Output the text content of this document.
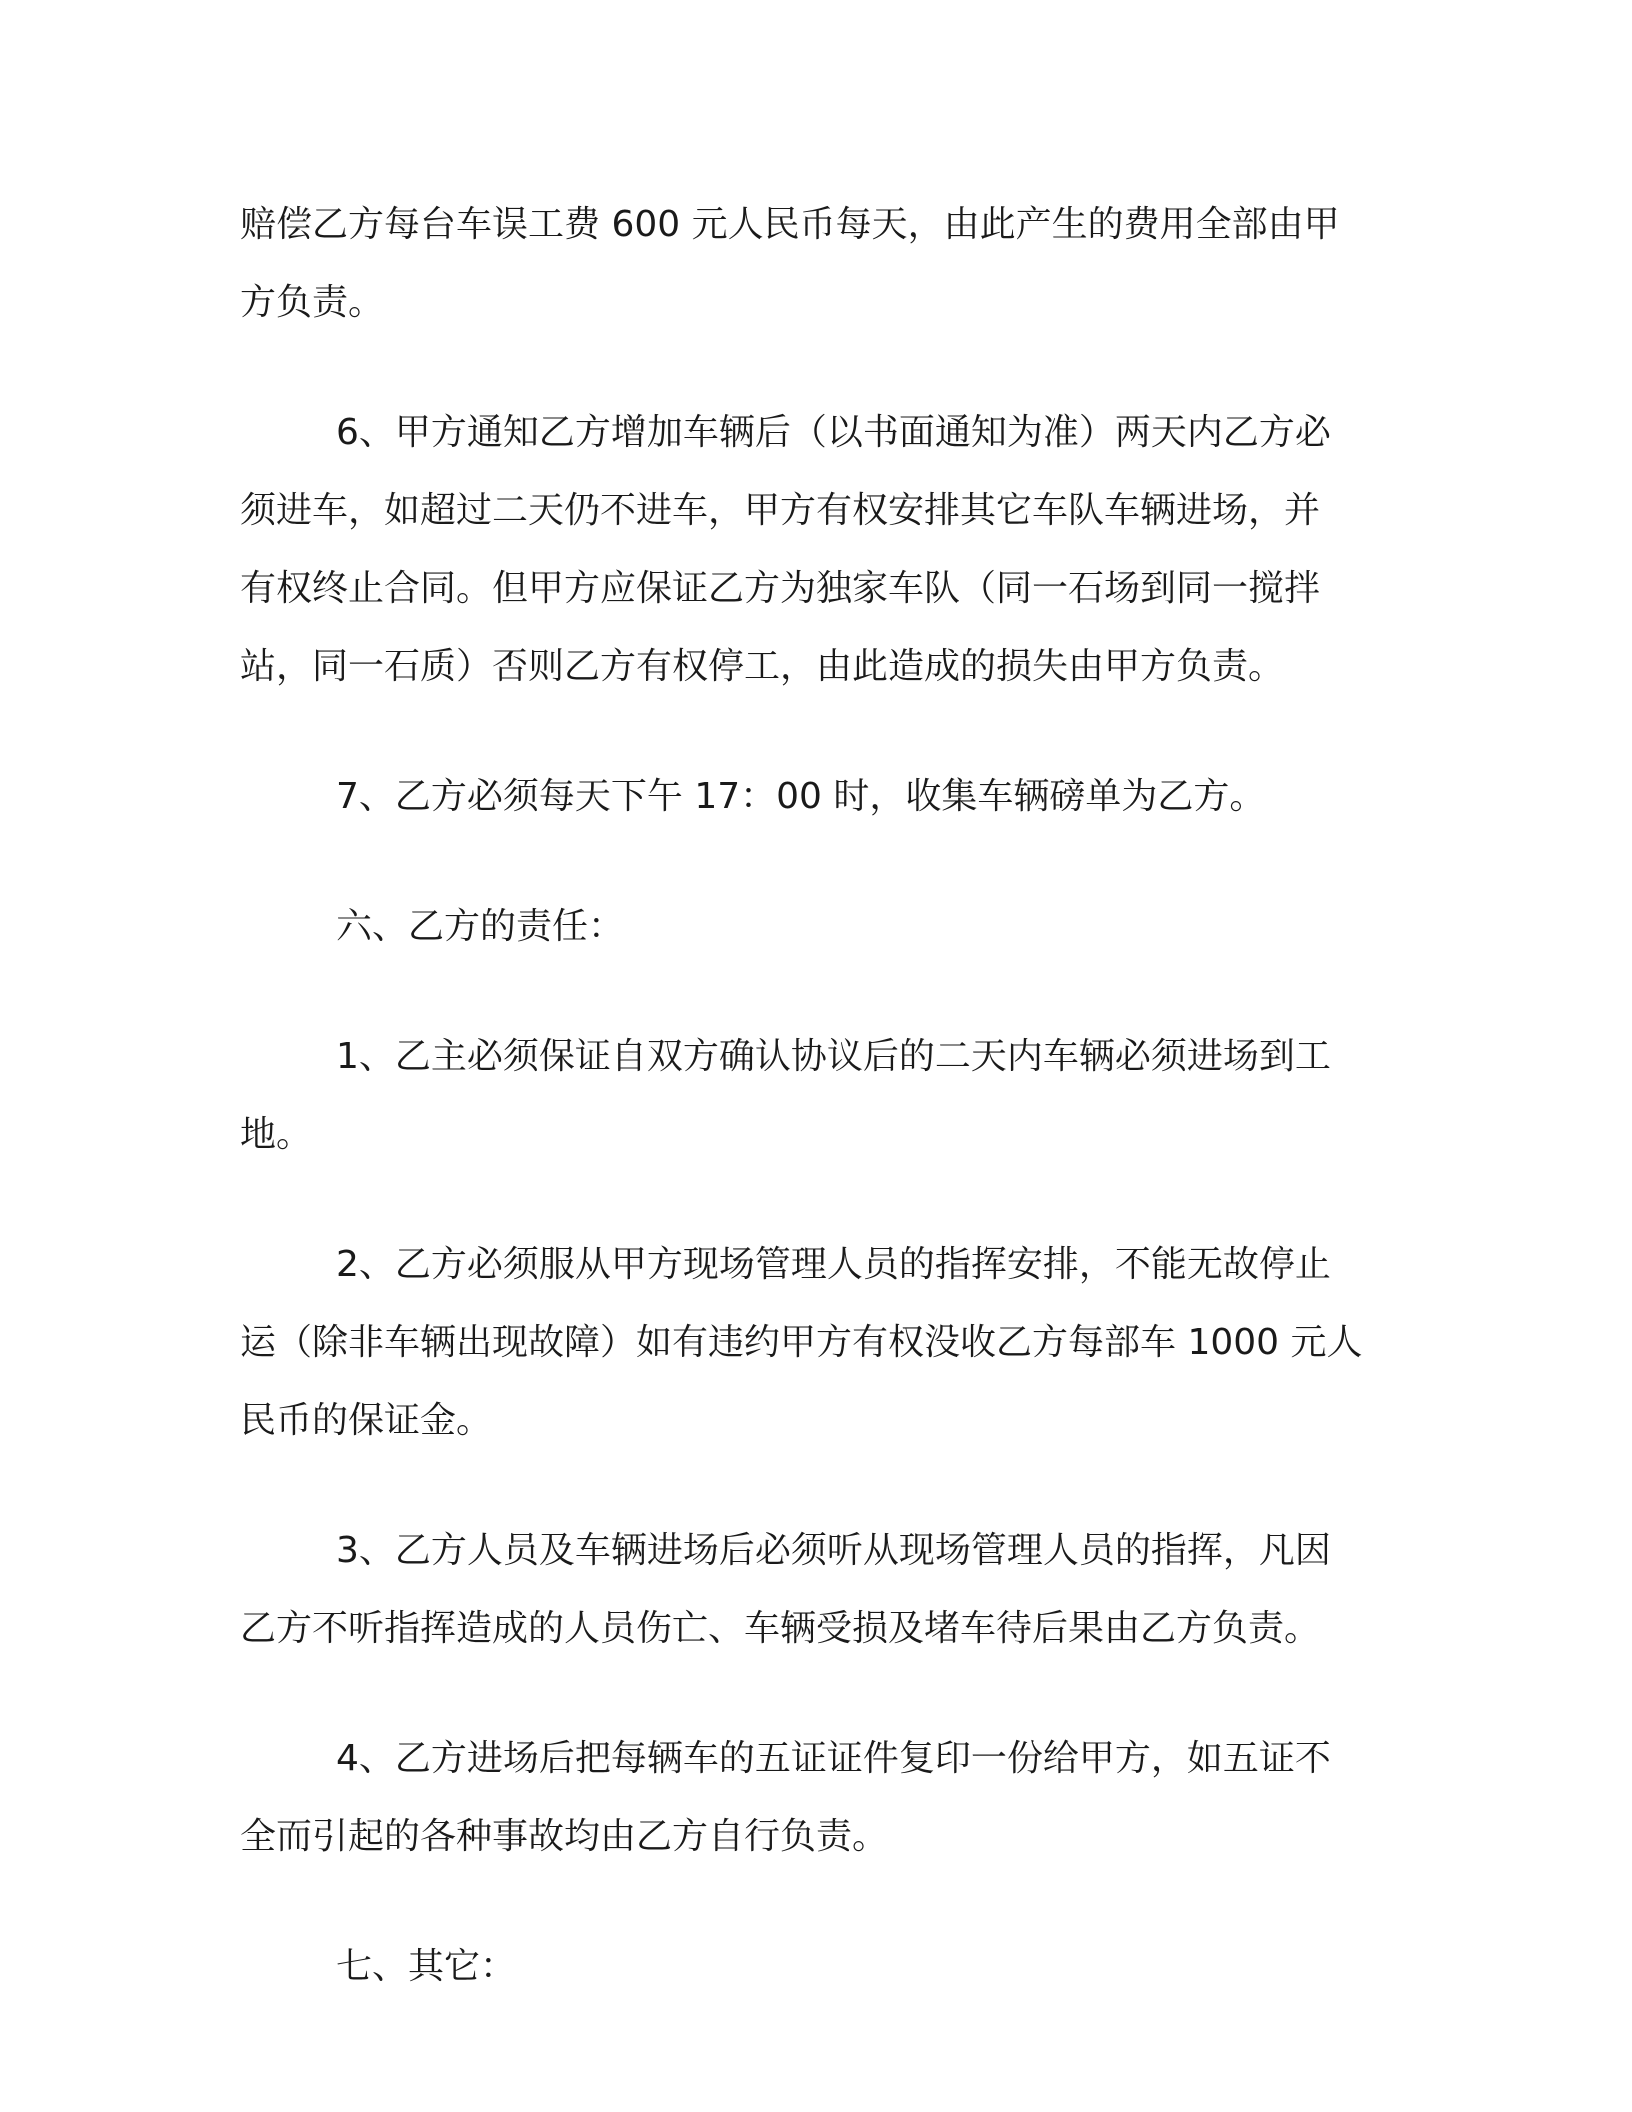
赔偿乙方每台车误工费 600 元人民币每天，由此产生的费用全部由甲
方负责。
6、甲方通知乙方增加车辆后（以书面通知为准）两天内乙方必
须进车，如超过二天仍不进车，甲方有权安排其它车队车辆进场，并
有权终止合同。但甲方应保证乙方为独家车队（同一石场到同一搅拌
站，同一石质）否则乙方有权停工，由此造成的损失由甲方负责。
7、乙方必须每天下午 17：00 时，收集车辆磅单为乙方。
六、乙方的责任：
1、乙主必须保证自双方确认协议后的二天内车辆必须进场到工
地。
2、乙方必须服从甲方现场管理人员的指挥安排，不能无故停止
运（除非车辆出现故障）如有违约甲方有权没收乙方每部车 1000 元人
民币的保证金。
3、乙方人员及车辆进场后必须听从现场管理人员的指挥，凡因
乙方不听指挥造成的人员伤亡、车辆受损及堵车待后果由乙方负责。
4、乙方进场后把每辆车的五证证件复印一份给甲方，如五证不
全而引起的各种事故均由乙方自行负责。
七、其它：
